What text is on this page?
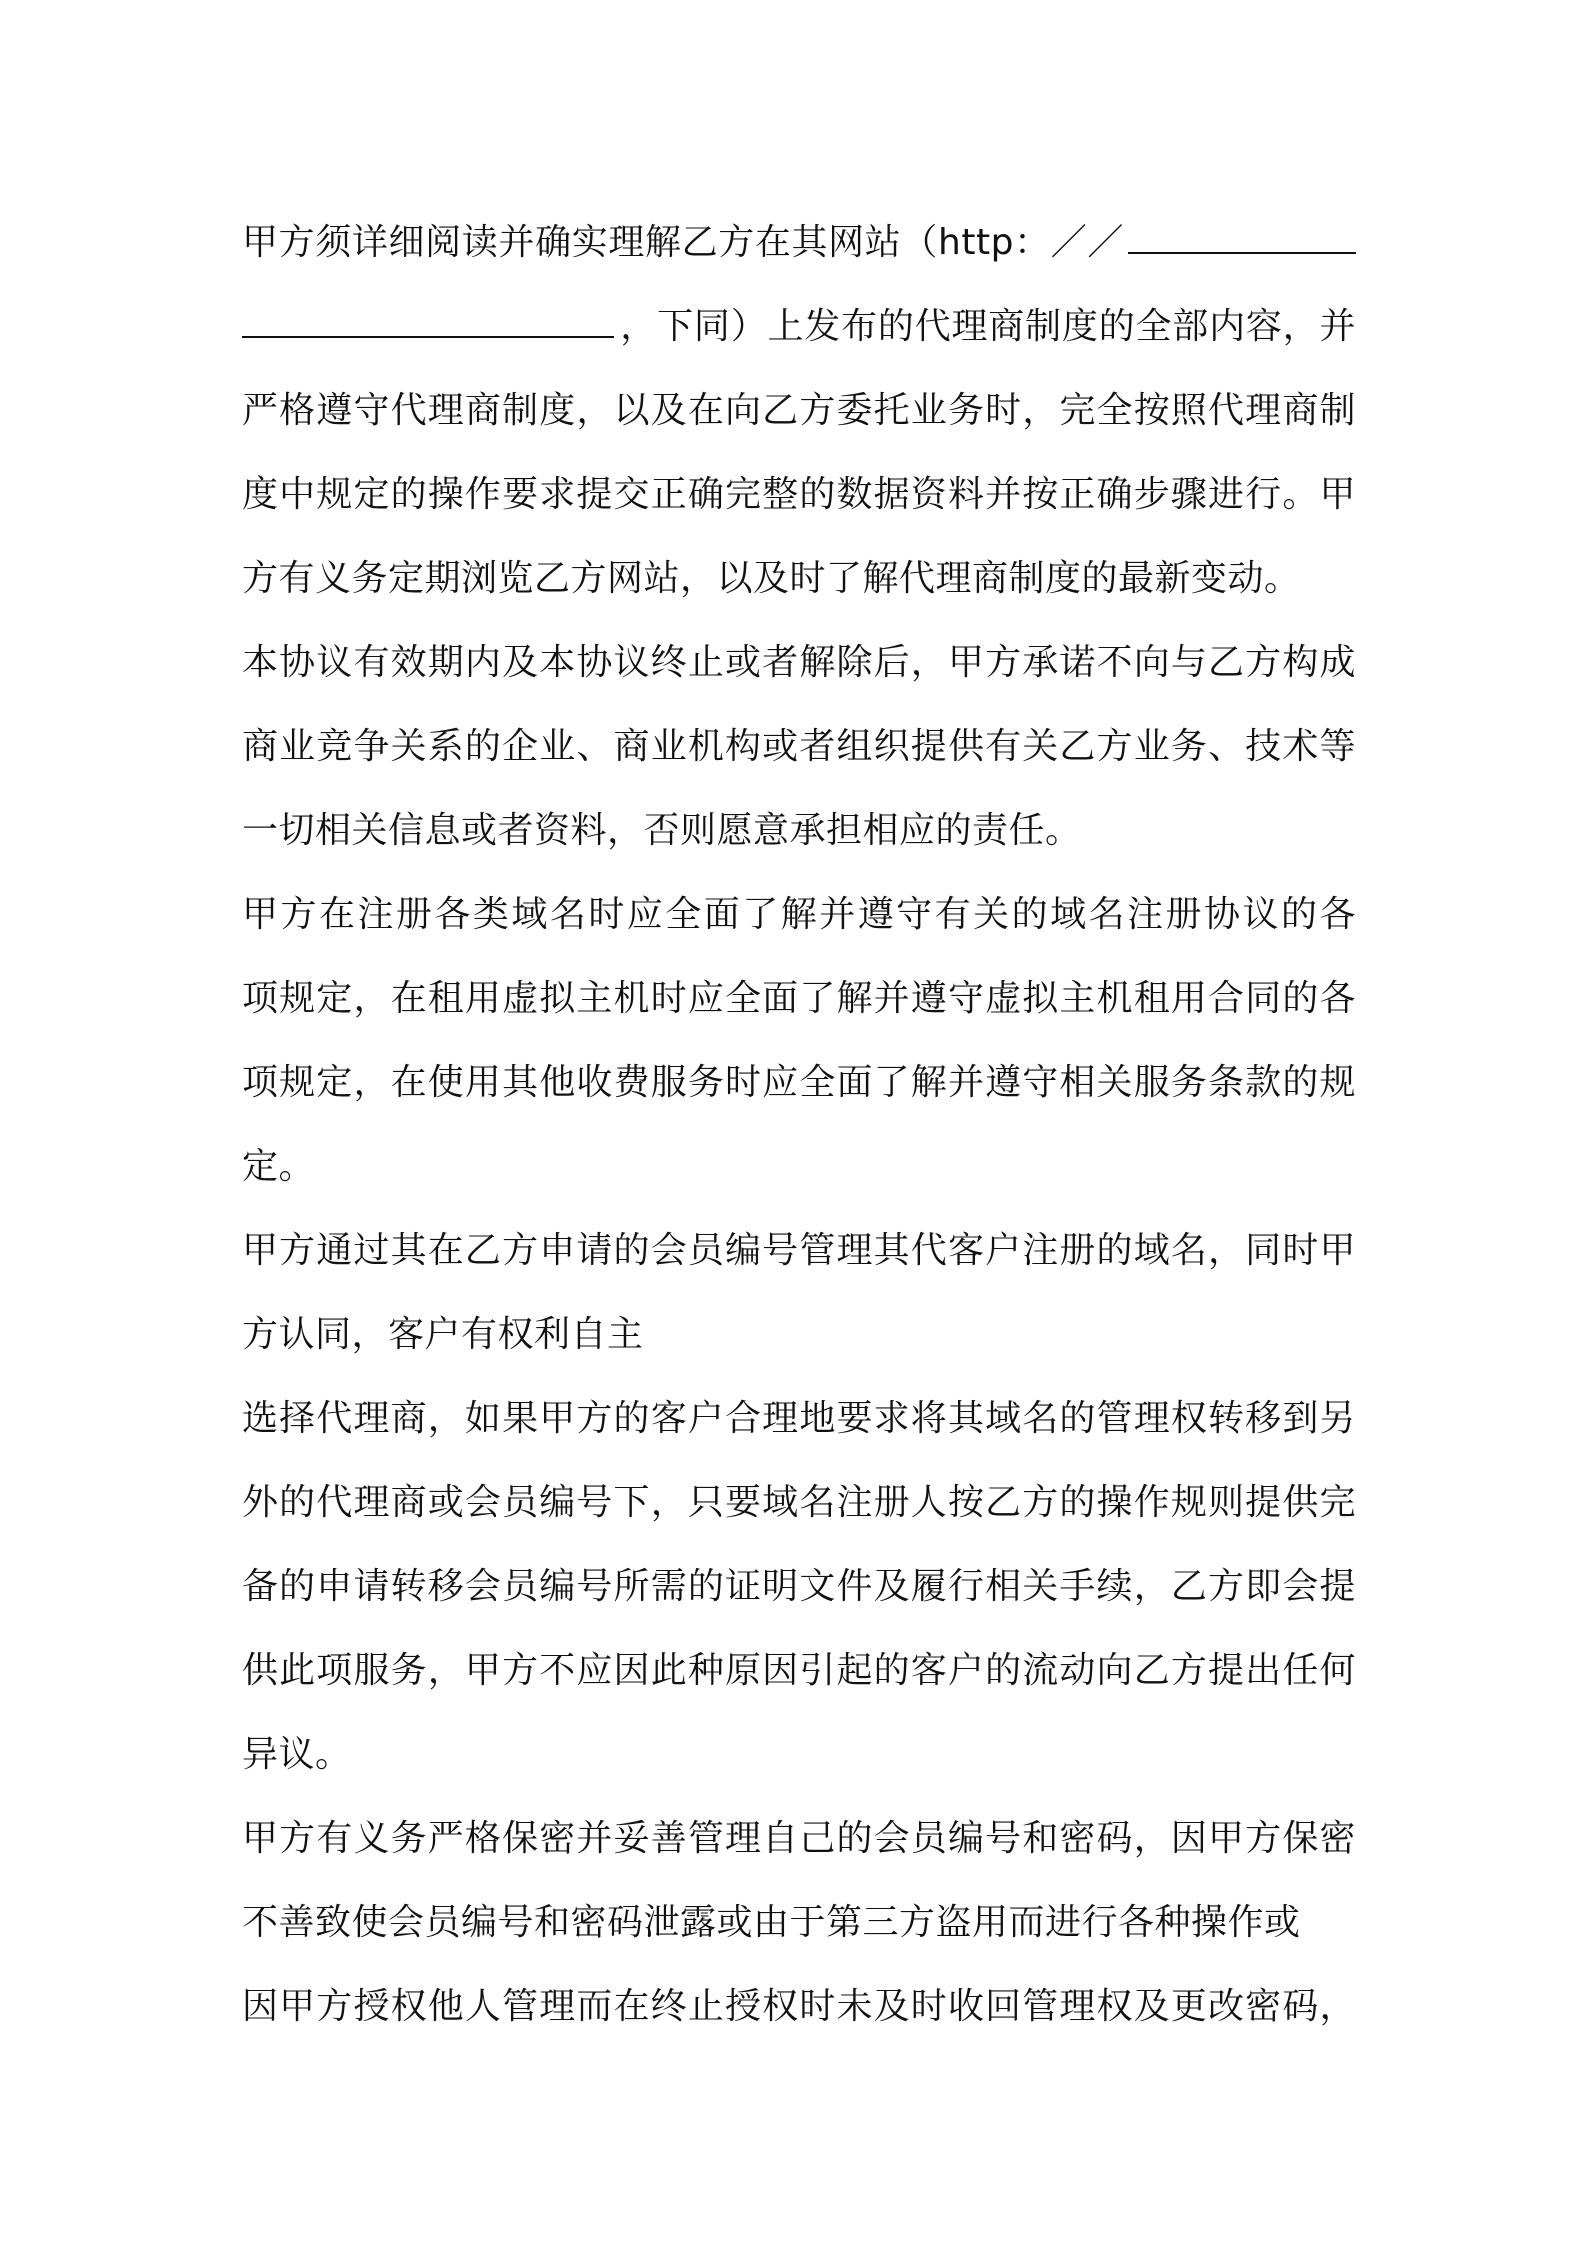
甲方须详细阅读并确实理解乙方在其网站（http：／／
，下同）上发布的代理商制度的全部内容，并
严格遵守代理商制度，以及在向乙方委托业务时，完全按照代理商制
度中规定的操作要求提交正确完整的数据资料并按正确步骤进行。甲
方有义务定期浏览乙方网站，以及时了解代理商制度的最新变动。
本协议有效期内及本协议终止或者解除后，甲方承诺不向与乙方构成
商业竞争关系的企业、商业机构或者组织提供有关乙方业务、技术等
一切相关信息或者资料，否则愿意承担相应的责任。
甲方在注册各类域名时应全面了解并遵守有关的域名注册协议的各
项规定，在租用虚拟主机时应全面了解并遵守虚拟主机租用合同的各
项规定，在使用其他收费服务时应全面了解并遵守相关服务条款的规
定。
甲方通过其在乙方申请的会员编号管理其代客户注册的域名，同时甲
方认同，客户有权利自主
选择代理商，如果甲方的客户合理地要求将其域名的管理权转移到另
外的代理商或会员编号下，只要域名注册人按乙方的操作规则提供完
备的申请转移会员编号所需的证明文件及履行相关手续，乙方即会提
供此项服务，甲方不应因此种原因引起的客户的流动向乙方提出任何
异议。
甲方有义务严格保密并妥善管理自己的会员编号和密码，因甲方保密
不善致使会员编号和密码泄露或由于第三方盗用而进行各种操作或
因甲方授权他人管理而在终止授权时未及时收回管理权及更改密码，
